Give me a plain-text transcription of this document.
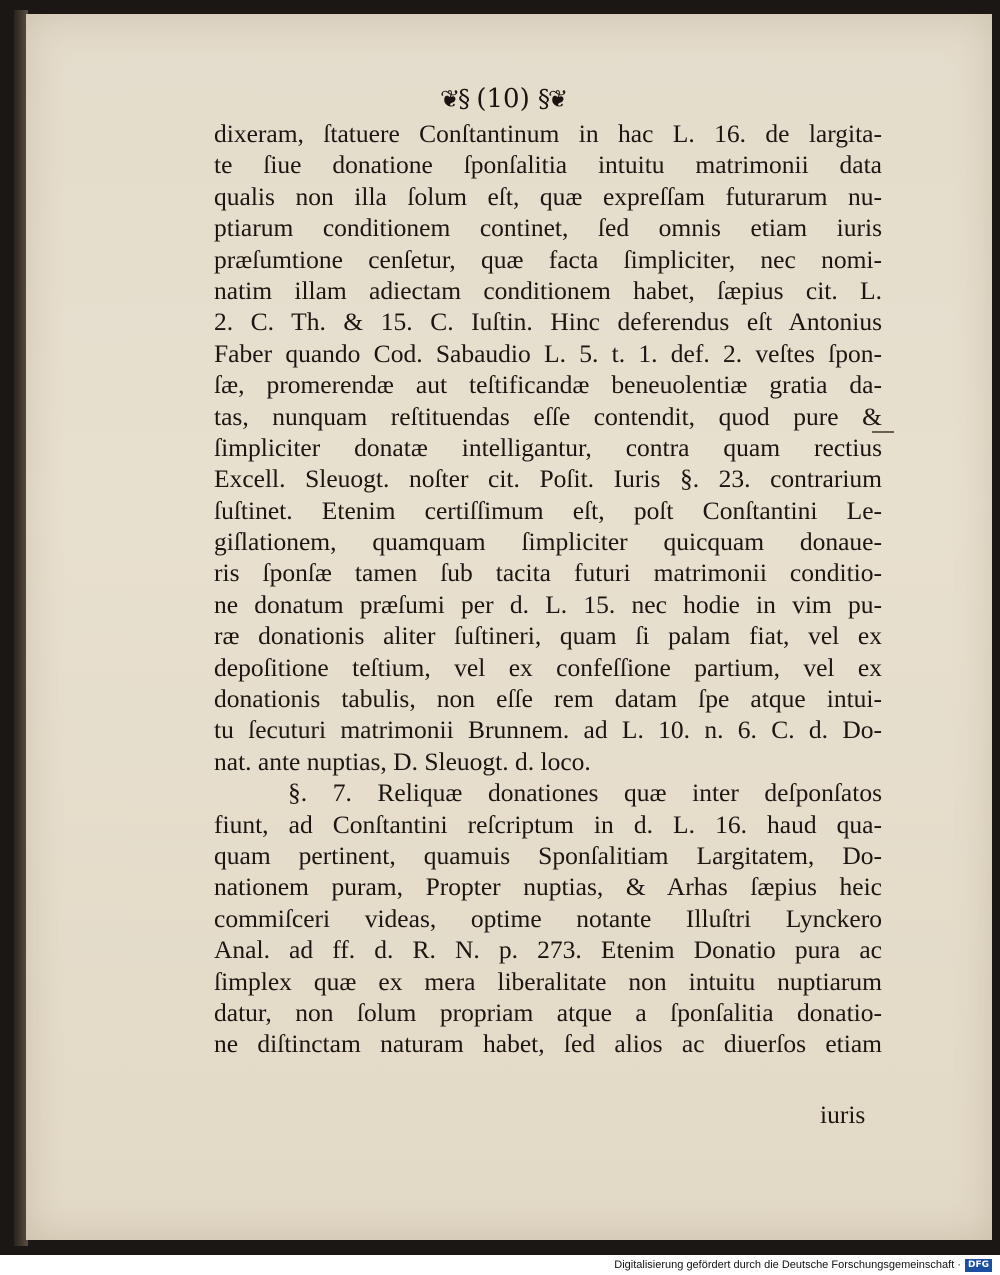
❦§ (10) §❦
dixeram, ſtatuere Conſtantinum in hac L. 16. de largita-
te ſiue donatione ſponſalitia intuitu matrimonii data
qualis non illa ſolum eſt, quæ expreſſam futurarum nu-
ptiarum conditionem continet, ſed omnis etiam iuris
præſumtione cenſetur, quæ facta ſimpliciter, nec nomi-
natim illam adiectam conditionem habet, ſæpius cit. L.
2. C. Th. & 15. C. Iuſtin. Hinc deferendus eſt Antonius
Faber quando Cod. Sabaudio L. 5. t. 1. def. 2. veſtes ſpon-
ſæ, promerendæ aut teſtificandæ beneuolentiæ gratia da-
tas, nunquam reſtituendas eſſe contendit, quod pure &
ſimpliciter donatæ intelligantur, contra quam rectius
Excell. Sleuogt. noſter cit. Poſit. Iuris §. 23. contrarium
ſuſtinet. Etenim certiſſimum eſt, poſt Conſtantini Le-
giſlationem, quamquam ſimpliciter quicquam donaue-
ris ſponſæ tamen ſub tacita futuri matrimonii conditio-
ne donatum præſumi per d. L. 15. nec hodie in vim pu-
ræ donationis aliter ſuſtineri, quam ſi palam fiat, vel ex
depoſitione teſtium, vel ex confeſſione partium, vel ex
donationis tabulis, non eſſe rem datam ſpe atque intui-
tu ſecuturi matrimonii Brunnem. ad L. 10. n. 6. C. d. Do-
nat. ante nuptias, D. Sleuogt. d. loco.
§. 7. Reliquæ donationes quæ inter deſponſatos
fiunt, ad Conſtantini reſcriptum in d. L. 16. haud qua-
quam pertinent, quamuis Sponſalitiam Largitatem, Do-
nationem puram, Propter nuptias, & Arhas ſæpius heic
commiſceri videas, optime notante Illuſtri Lynckero
Anal. ad ff. d. R. N. p. 273. Etenim Donatio pura ac
ſimplex quæ ex mera liberalitate non intuitu nuptiarum
datur, non ſolum propriam atque a ſponſalitia donatio-
ne diſtinctam naturam habet, ſed alios ac diuerſos etiam
iuris
Digitalisierung gefördert durch die Deutsche Forschungsgemeinschaft · DFG
